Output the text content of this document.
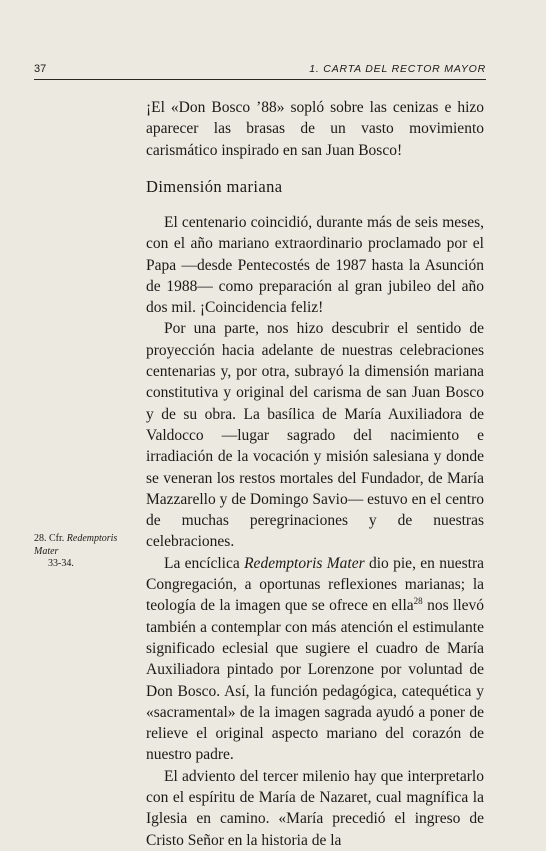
37	1. CARTA DEL RECTOR MAYOR

¡El «Don Bosco ’88» sopló sobre las cenizas e hizo aparecer las brasas de un vasto movimiento carismático inspirado en san Juan Bosco!

Dimensión mariana

El centenario coincidió, durante más de seis meses, con el año mariano extraordinario proclamado por el Papa —desde Pentecostés de 1987 hasta la Asunción de 1988— como preparación al gran jubileo del año dos mil. ¡Coincidencia feliz!

Por una parte, nos hizo descubrir el sentido de proyección hacia adelante de nuestras celebraciones centenarias y, por otra, subrayó la dimensión mariana constitutiva y original del carisma de san Juan Bosco y de su obra. La basílica de María Auxiliadora de Valdocco —lugar sagrado del nacimiento e irradiación de la vocación y misión salesiana y donde se veneran los restos mortales del Fundador, de María Mazzarello y de Domingo Savio— estuvo en el centro de muchas peregrinaciones y de nuestras celebraciones.

La encíclica Redemptoris Mater dio pie, en nuestra Congregación, a oportunas reflexiones marianas; la teología de la imagen que se ofrece en ella$^{28}$ nos llevó también a contemplar con más atención el estimulante significado eclesial que sugiere el cuadro de María Auxiliadora pintado por Lorenzone por voluntad de Don Bosco. Así, la función pedagógica, catequética y «sacramental» de la imagen sagrada ayudó a poner de relieve el original aspecto mariano del corazón de nuestro padre.

El adviento del tercer milenio hay que interpretarlo con el espíritu de María de Nazaret, cual magnífica la Iglesia en camino. «María precedió el ingreso de Cristo Señor en la historia de la

28. Cfr. Redemptoris Mater
33-34.
